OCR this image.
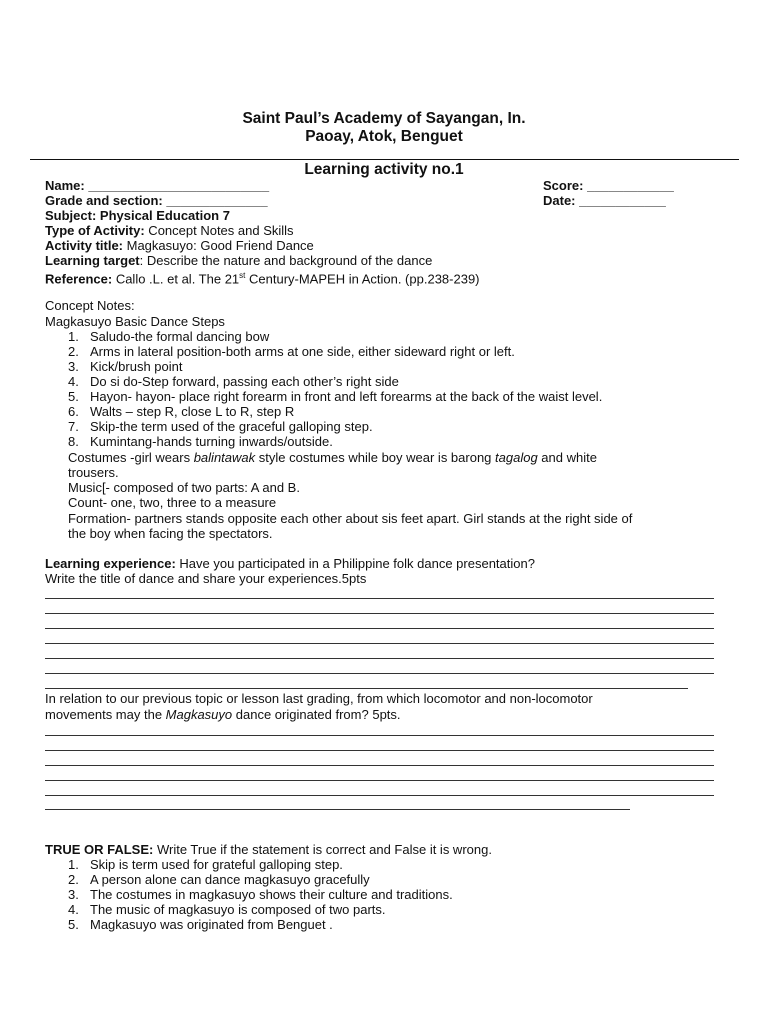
Saint Paul’s Academy of Sayangan, In.
Paoay, Atok, Benguet
Learning activity no.1
Name: _________________________	Score: ____________
Grade and section: ______________	Date: ____________
Subject: Physical Education 7
Type of Activity: Concept Notes and Skills
Activity title: Magkasuyo: Good Friend Dance
Learning target: Describe the nature and background of the dance
Reference: Callo .L. et al. The 21st Century-MAPEH in Action. (pp.238-239)
Concept Notes:
Magkasuyo Basic Dance Steps
1. Saludo-the formal dancing bow
2. Arms in lateral position-both arms at one side, either sideward right or left.
3. Kick/brush point
4. Do si do-Step forward, passing each other’s right side
5. Hayon- hayon- place right forearm in front and left forearms at the back of the waist level.
6. Walts – step R, close L to R, step R
7. Skip-the term used of the graceful galloping step.
8. Kumintang-hands turning inwards/outside.
Costumes -girl wears balintawak style costumes while boy wear is barong tagalog and white
trousers.
Music[- composed of two parts: A and B.
Count- one, two, three to a measure
Formation- partners stands opposite each other about sis feet apart. Girl stands at the right side of
the boy when facing the spectators.
Learning experience: Have you participated in a Philippine folk dance presentation?
Write the title of dance and share your experiences.5pts
In relation to our previous topic or lesson last grading, from which locomotor and non-locomotor
movements may the Magkasuyo dance originated from? 5pts.
TRUE OR FALSE: Write True if the statement is correct and False it is wrong.
1. Skip is term used for grateful galloping step.
2. A person alone can dance magkasuyo gracefully
3. The costumes in magkasuyo shows their culture and traditions.
4. The music of magkasuyo is composed of two parts.
5. Magkasuyo was originated from Benguet .
